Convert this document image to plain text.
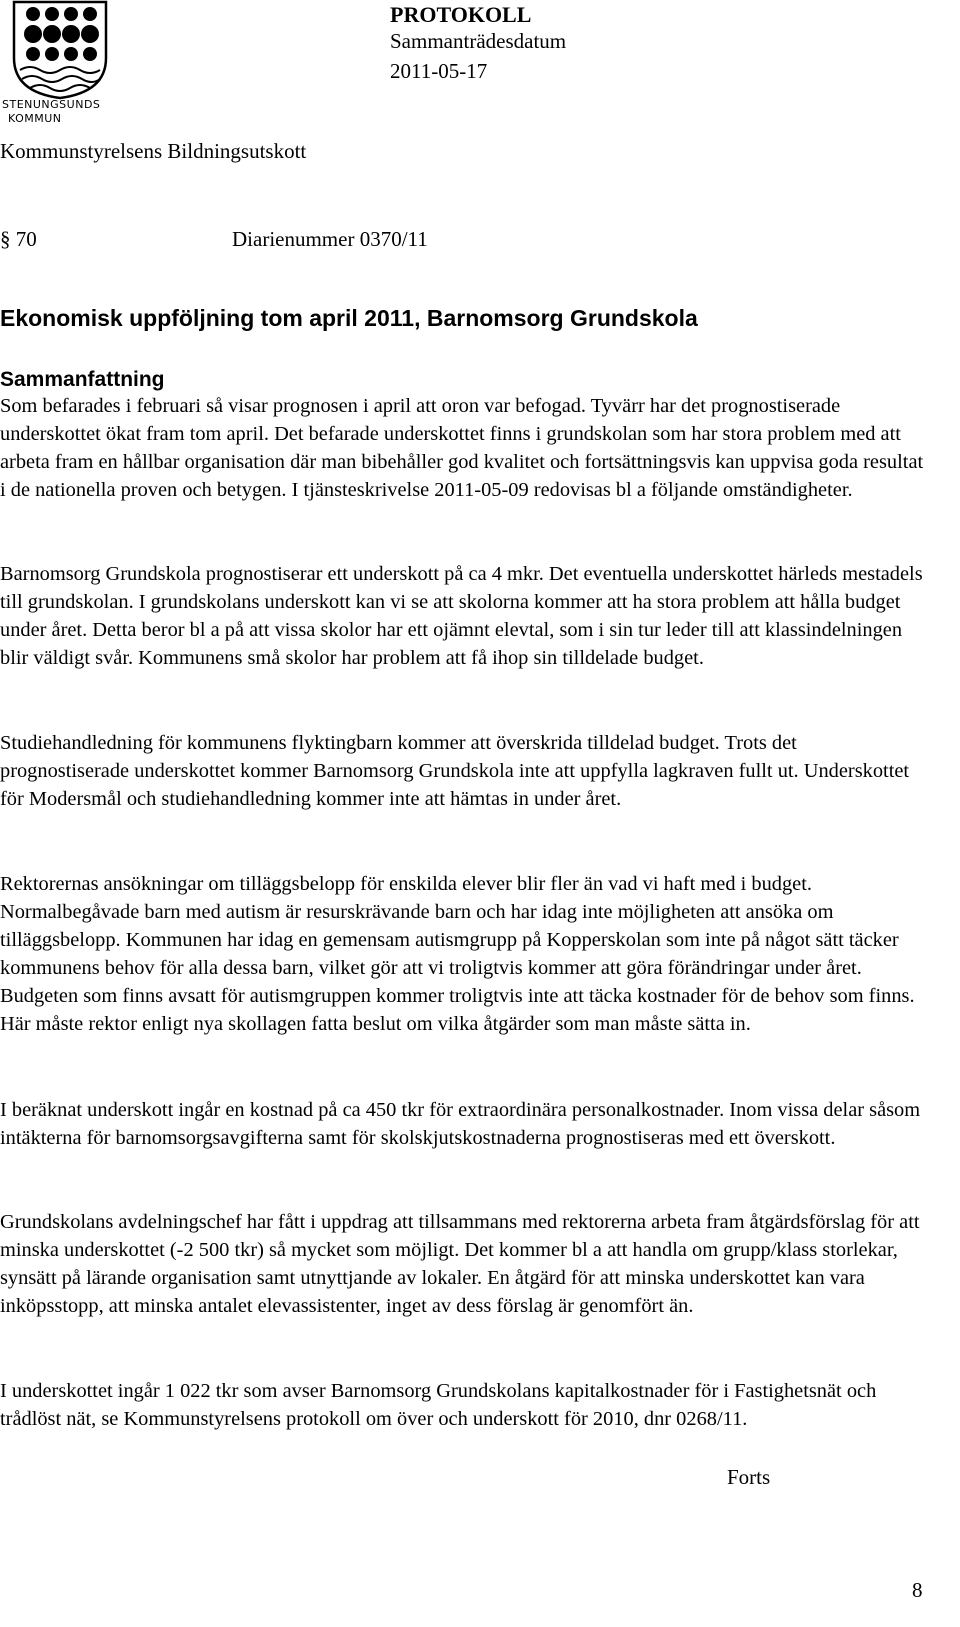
STENUNGSUNDS
KOMMUN
PROTOKOLL
Sammanträdesdatum
2011-05-17
Kommunstyrelsens Bildningsutskott
§ 70	Diarienummer 0370/11
Ekonomisk uppföljning tom april 2011, Barnomsorg Grundskola
Sammanfattning

Som befarades i februari så visar prognosen i april att oron var befogad. Tyvärr har det prognostiserade underskottet ökat fram tom april. Det befarade underskottet finns i grundskolan som har stora problem med att arbeta fram en hållbar organisation där man bibehåller god kvalitet och fortsättningsvis kan uppvisa goda resultat i de nationella proven och betygen. I tjänsteskrivelse 2011-05-09 redovisas bl a följande omständigheter.

Barnomsorg Grundskola prognostiserar ett underskott på ca 4 mkr. Det eventuella underskottet härleds mestadels till grundskolan. I grundskolans underskott kan vi se att skolorna kommer att ha stora problem att hålla budget under året. Detta beror bl a på att vissa skolor har ett ojämnt elevtal, som i sin tur leder till att klassindelningen blir väldigt svår. Kommunens små skolor har problem att få ihop sin tilldelade budget.

Studiehandledning för kommunens flyktingbarn kommer att överskrida tilldelad budget. Trots det prognostiserade underskottet kommer Barnomsorg Grundskola inte att uppfylla lagkraven fullt ut. Underskottet för Modersmål och studiehandledning kommer inte att hämtas in under året.

Rektorernas ansökningar om tilläggsbelopp för enskilda elever blir fler än vad vi haft med i budget. Normalbegåvade barn med autism är resurskrävande barn och har idag inte möjligheten att ansöka om tilläggsbelopp. Kommunen har idag en gemensam autismgrupp på Kopperskolan som inte på något sätt täcker kommunens behov för alla dessa barn, vilket gör att vi troligtvis kommer att göra förändringar under året. Budgeten som finns avsatt för autismgruppen kommer troligtvis inte att täcka kostnader för de behov som finns. Här måste rektor enligt nya skollagen fatta beslut om vilka åtgärder som man måste sätta in.

I beräknat underskott ingår en kostnad på ca 450 tkr för extraordinära personalkostnader. Inom vissa delar såsom intäkterna för barnomsorgsavgifterna samt för skolskjutskostnaderna prognostiseras med ett överskott.

Grundskolans avdelningschef har fått i uppdrag att tillsammans med rektorerna arbeta fram åtgärdsförslag för att minska underskottet (-2 500 tkr) så mycket som möjligt. Det kommer bl a att handla om grupp/klass storlekar, synsätt på lärande organisation samt utnyttjande av lokaler. En åtgärd för att minska underskottet kan vara inköpsstopp, att minska antalet elevassistenter, inget av dess förslag är genomfört än.

I underskottet ingår 1 022 tkr som avser Barnomsorg Grundskolans kapitalkostnader för i Fastighetsnät och trådlöst nät, se Kommunstyrelsens protokoll om över och underskott för 2010, dnr 0268/11.

Forts
8
